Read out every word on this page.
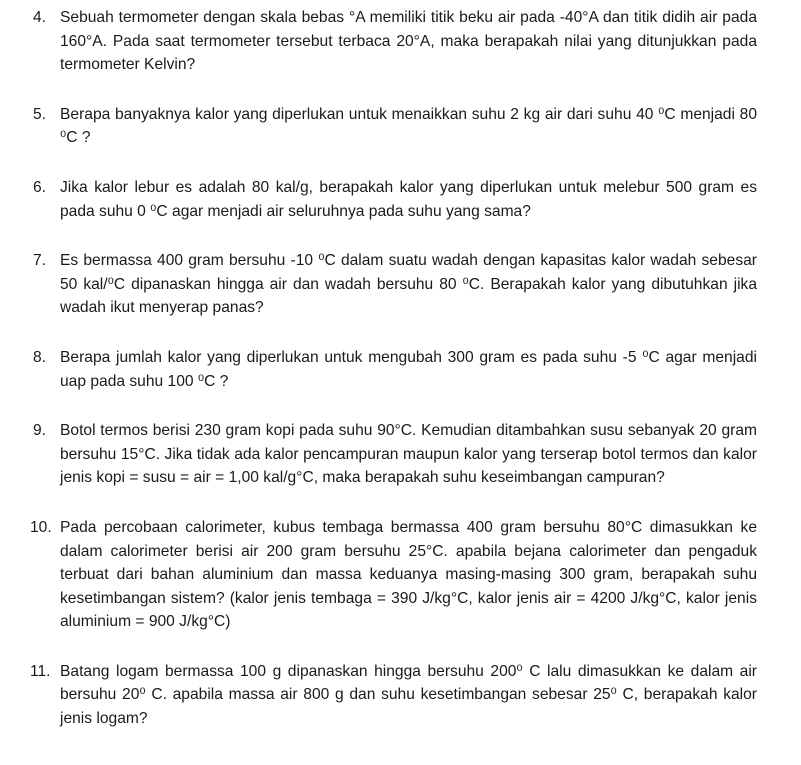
4. Sebuah termometer dengan skala bebas °A memiliki titik beku air pada -40°A dan titik didih air pada 160°A. Pada saat termometer tersebut terbaca 20°A, maka berapakah nilai yang ditunjukkan pada termometer Kelvin?
5. Berapa banyaknya kalor yang diperlukan untuk menaikkan suhu 2 kg air dari suhu 40 ⁰C menjadi 80 ⁰C ?
6. Jika kalor lebur es adalah 80 kal/g, berapakah kalor yang diperlukan untuk melebur 500 gram es pada suhu 0 ⁰C agar menjadi air seluruhnya pada suhu yang sama?
7. Es bermassa 400 gram bersuhu -10 ⁰C dalam suatu wadah dengan kapasitas kalor wadah sebesar 50 kal/⁰C dipanaskan hingga air dan wadah bersuhu 80 ⁰C. Berapakah kalor yang dibutuhkan jika wadah ikut menyerap panas?
8. Berapa jumlah kalor yang diperlukan untuk mengubah 300 gram es pada suhu -5 ⁰C agar menjadi uap pada suhu 100 ⁰C ?
9. Botol termos berisi 230 gram kopi pada suhu 90°C. Kemudian ditambahkan susu sebanyak 20 gram bersuhu 15°C. Jika tidak ada kalor pencampuran maupun kalor yang terserap botol termos dan kalor jenis kopi = susu = air = 1,00 kal/g°C, maka berapakah suhu keseimbangan campuran?
10. Pada percobaan calorimeter, kubus tembaga bermassa 400 gram bersuhu 80°C dimasukkan ke dalam calorimeter berisi air 200 gram bersuhu 25°C. apabila bejana calorimeter dan pengaduk terbuat dari bahan aluminium dan massa keduanya masing-masing 300 gram, berapakah suhu kesetimbangan sistem? (kalor jenis tembaga = 390 J/kg°C, kalor jenis air = 4200 J/kg°C, kalor jenis aluminium = 900 J/kg°C)
11. Batang logam bermassa 100 g dipanaskan hingga bersuhu 200⁰ C lalu dimasukkan ke dalam air bersuhu 20⁰ C. apabila massa air 800 g dan suhu kesetimbangan sebesar 25⁰ C, berapakah kalor jenis logam?
